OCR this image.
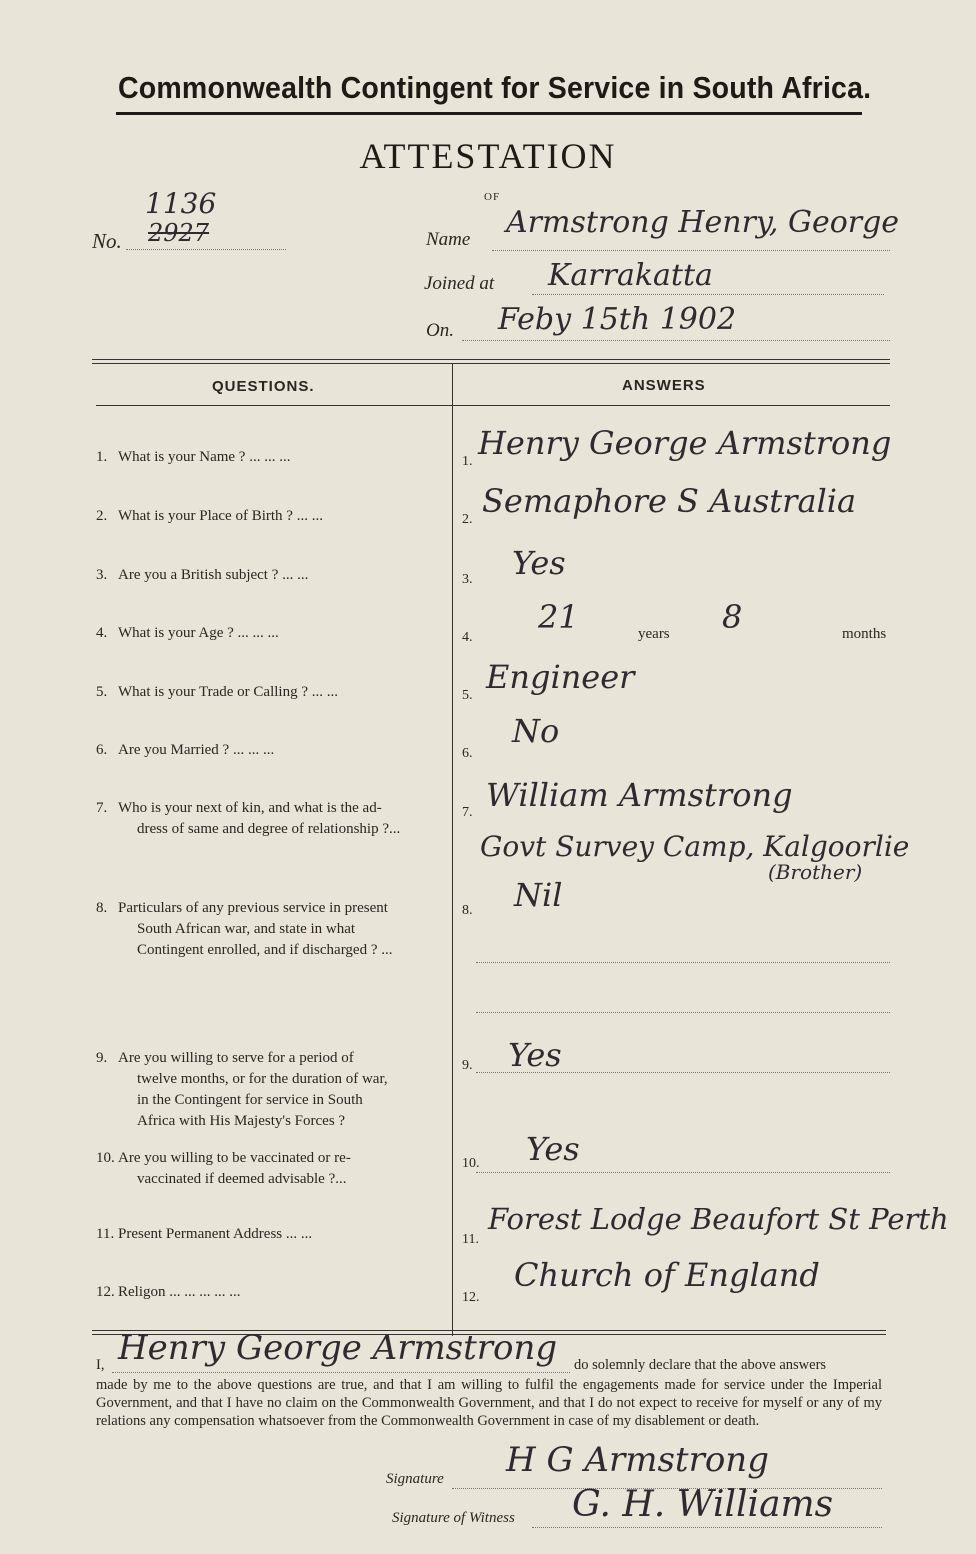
Commonwealth Contingent for Service in South Africa.
ATTESTATION
OF
No. 2927
1136
Name Armstrong Henry, George
Joined at Karrakatta
On. Feby 15th 1902
QUESTIONS.	ANSWERS
1. What is your Name ? ... ... ...	1. Henry George Armstrong
2. What is your Place of Birth ? ... ...	2. Semaphore S Australia
3. Are you a British subject ? ... ...	3. Yes
4. What is your Age ? ... ... ...	4.
21	years 8	months
5. What is your Trade or Calling ? ... ...	5. Engineer
6. Are you Married ? ... ... ...	6.
No
7. Who is your next of kin, and what is the ad-
dress of same and degree of relationship ?...
7. William Armstrong
Govt Survey Camp, Kalgoorlie
(Brother)
8. Particulars of any previous service in present
South African war, and state in what
Contingent enrolled, and if discharged ? ...
8. Nil
9. Are you willing to serve for a period of
twelve months, or for the duration of war,
in the Contingent for service in South
Africa with His Majesty's Forces ?
9. Yes
10. Are you willing to be vaccinated or re-
vaccinated if deemed advisable ?...
10. Yes
11. Present Permanent Address ... ...	11.
Forest Lodge Beaufort St Perth
12. Religon ... ... ... ... ...	12.
Church of England
I, Henry George Armstrong do solemnly declare that the above answers
made by me to the above questions are true, and that I am willing to fulfil the engagements made for service under the Imperial Government, and that I have no claim on the Commonwealth Government, and that I do not expect to receive for myself or any of my relations any compensation whatsoever from the Commonwealth Government in case of my disablement or death.
Signature H G Armstrong
Signature of Witness G. H. Williams
